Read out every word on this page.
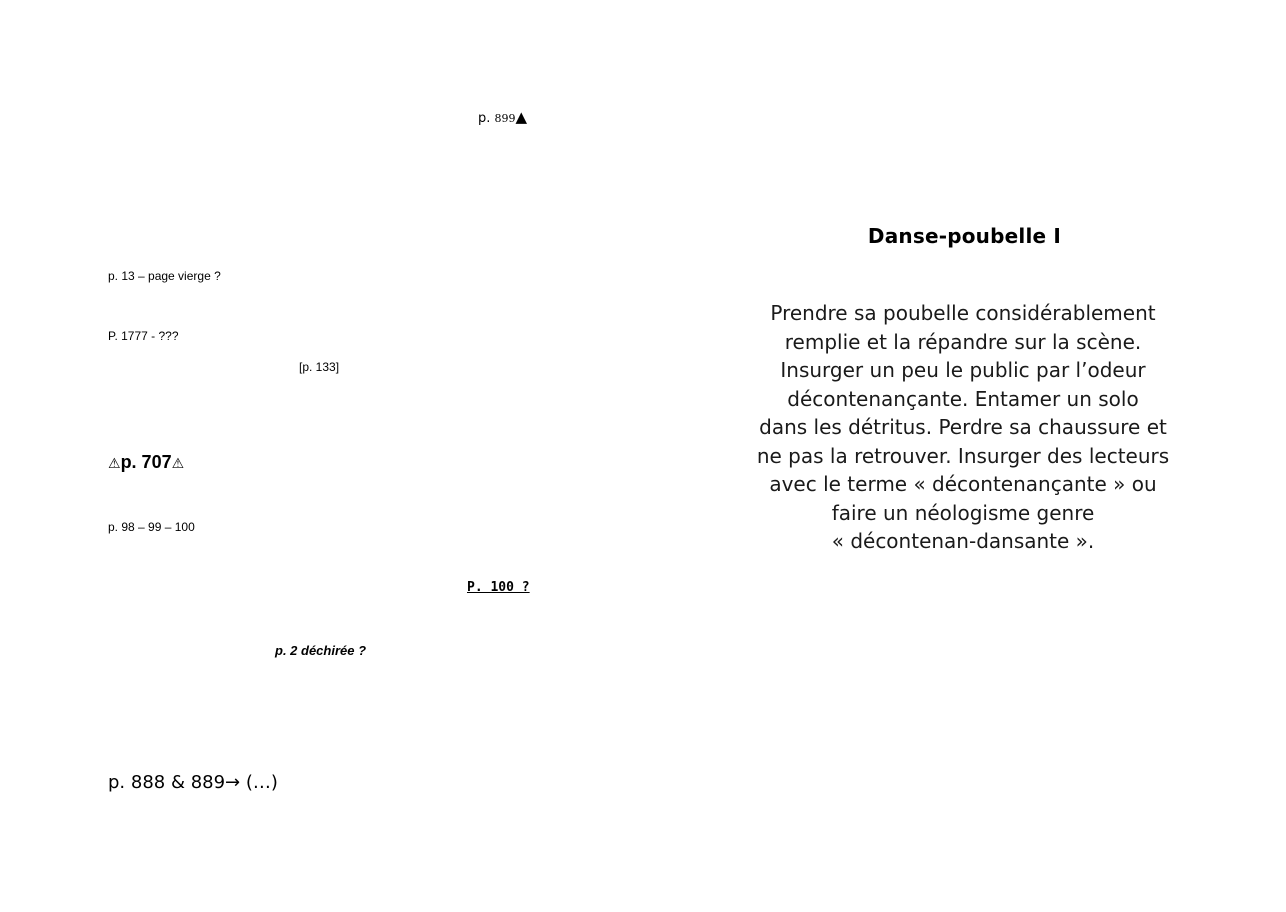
p. 899▲
p. 13 – page vierge ?
P. 1777 - ???
[p. 133]
⚠p. 707⚠
p. 98 – 99 – 100
P. 100 ?
p. 2 déchirée ?
p. 888 & 889→ (…)
Danse-poubelle I
Prendre sa poubelle considérablement
remplie et la répandre sur la scène.
Insurger un peu le public par l’odeur
décontenançante. Entamer un solo
dans les détritus. Perdre sa chaussure et
ne pas la retrouver. Insurger des lecteurs
avec le terme « décontenançante » ou
faire un néologisme genre
« décontenan-dansante ».
